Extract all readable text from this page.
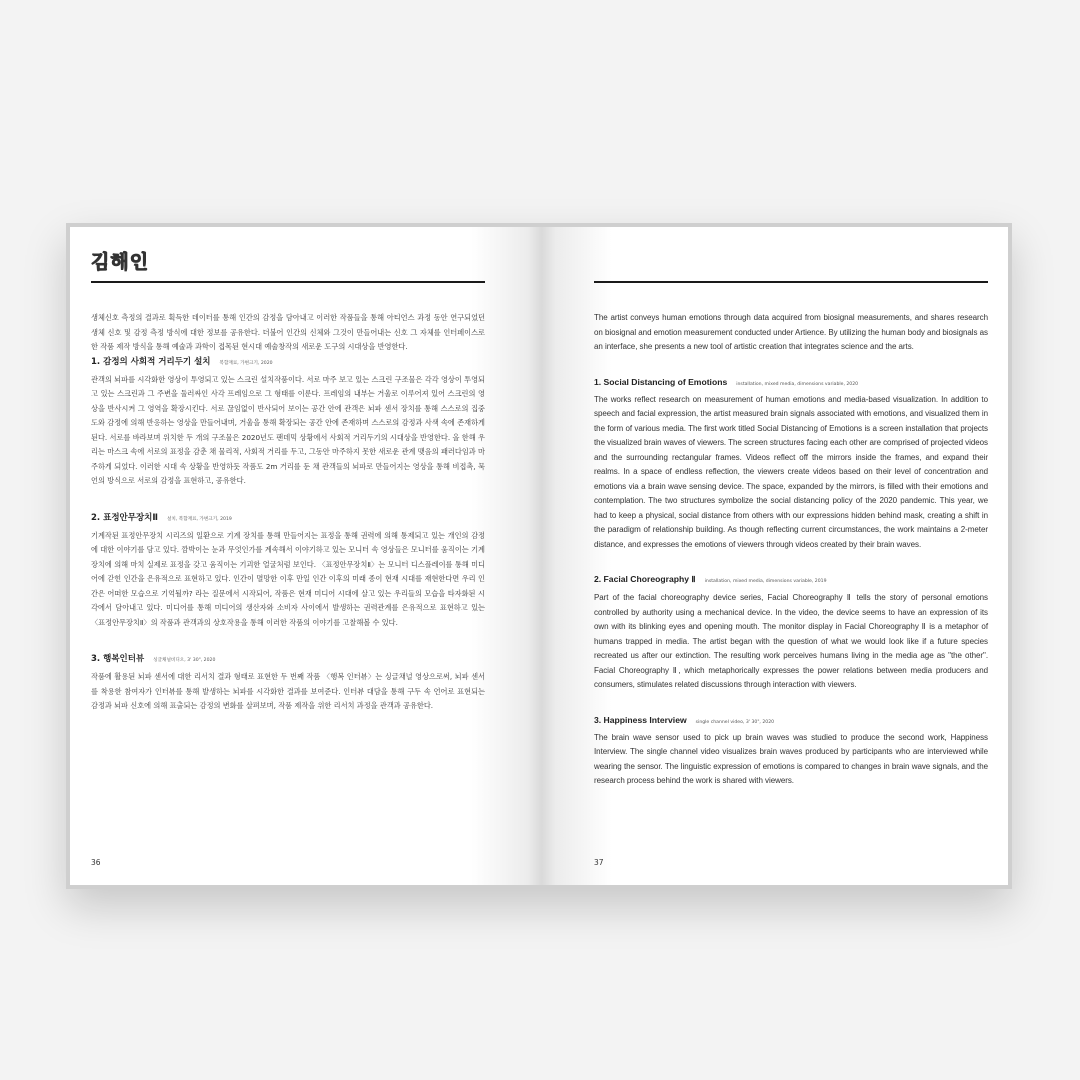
김해인

생체신호 측정의 결과로 획득한 데이터를 통해 인간의 감정을 담아내고 이러한 작품들을 통해 아티언스 과정 동안 연구되었던 생체 신호 및 감정 측정 방식에 대한 정보를 공유한다. 더불어 인간의 신체와 그것이 만들어내는 신호 그 자체를 인터페이스로 한 작품 제작 방식을 통해 예술과 과학이 접목된 현시대 예술창작의 새로운 도구의 시대상을 반영한다.

1. 감정의 사회적 거리두기 설치 복합재료, 가변크기, 2020

관객의 뇌파를 시각화한 영상이 투영되고 있는 스크린 설치작품이다. 서로 마주 보고 있는 스크린 구조물은 각각 영상이 투영되고 있는 스크린과 그 주변을 둘러싸인 사각 프레임으로 그 형태를 이룬다. 프레임의 내부는 거울로 이루어져 있어 스크린의 영상을 반사시켜 그 영역을 확장시킨다. 서로 끊임없이 반사되어 보이는 공간 안에 관객은 뇌파 센서 장치를 통해 스스로의 집중도와 감정에 의해 반응하는 영상을 만들어내며, 거울을 통해 확장되는 공간 안에 존재하며 스스로의 감정과 사색 속에 존재하게 된다. 서로를 바라보며 위치한 두 개의 구조물은 2020년도 팬데믹 상황에서 사회적 거리두기의 시대상을 반영한다. 올 한해 우리는 마스크 속에 서로의 표정을 감춘 채 물리적, 사회적 거리를 두고, 그동안 마주하지 못한 새로운 관계 맺음의 패러다임과 마주하게 되었다. 이러한 시대 속 상황을 반영하듯 작품도 2m 거리를 둔 채 관객들의 뇌파로 만들어지는 영상을 통해 비접촉, 묵언의 방식으로 서로의 감정을 표현하고, 공유한다.

2. 표정안무장치Ⅱ 설치, 복합재료, 가변크기, 2019

기계작된 표정안무장치 시리즈의 일환으로 기계 장치를 통해 만들어지는 표정을 통해 권력에 의해 통제되고 있는 개인의 감정에 대한 이야기를 담고 있다. 깜박이는 눈과 무엇인가를 계속해서 이야기하고 있는 모니터 속 영상들은 모니터를 움직이는 기계 장치에 의해 마치 실제로 표정을 갖고 움직이는 기괴한 얼굴처럼 보인다. 〈표정안무장치Ⅱ〉는 모니터 디스플레이를 통해 미디어에 갇힌 인간을 은유적으로 표현하고 있다. 인간이 멸망한 이후 만일 인간 이후의 미래 종이 현재 시대를 재현한다면 우리 인간은 어떠한 모습으로 기억될까? 라는 질문에서 시작되어, 작품은 현재 미디어 시대에 살고 있는 우리들의 모습을 타자화된 시각에서 담아내고 있다. 미디어를 통해 미디어의 생산자와 소비자 사이에서 발생하는 권력관계를 은유적으로 표현하고 있는 〈표정안무장치Ⅱ〉의 작품과 관객과의 상호작용을 통해 이러한 작품의 이야기를 고찰해볼 수 있다.

3. 행복인터뷰 싱글채널비디오, 3' 30", 2020

작품에 활용된 뇌파 센서에 대한 리서치 결과 형태로 표현한 두 번째 작품 〈행복 인터뷰〉는 싱글채널 영상으로써, 뇌파 센서를 착용한 참여자가 인터뷰를 통해 발생하는 뇌파를 시각화한 결과를 보여준다. 인터뷰 대담을 통해 구두 속 언어로 표현되는 감정과 뇌파 신호에 의해 표출되는 감정의 변화를 살펴보며, 작품 제작을 위한 리서치 과정을 관객과 공유한다.

36

The artist conveys human emotions through data acquired from biosignal measurements, and shares research on biosignal and emotion measurement conducted under Artience. By utilizing the human body and biosignals as an interface, she presents a new tool of artistic creation that integrates science and the arts.

1. Social Distancing of Emotions installation, mixed media, dimensions variable, 2020

The works reflect research on measurement of human emotions and media-based visualization. In addition to speech and facial expression, the artist measured brain signals associated with emotions, and visualized them in the form of various media. The first work titled Social Distancing of Emotions is a screen installation that projects the visualized brain waves of viewers. The screen structures facing each other are comprised of projected videos and the surrounding rectangular frames. Videos reflect off the mirrors inside the frames, and expand their realms. In a space of endless reflection, the viewers create videos based on their level of concentration and emotions via a brain wave sensing device. The space, expanded by the mirrors, is filled with their emotions and contemplation. The two structures symbolize the social distancing policy of the 2020 pandemic. This year, we had to keep a physical, social distance from others with our expressions hidden behind mask, creating a shift in the paradigm of relationship building. As though reflecting current circumstances, the work maintains a 2-meter distance, and expresses the emotions of viewers through videos created by their brain waves.

2. Facial Choreography Ⅱ installation, mixed media, dimensions variable, 2019

Part of the facial choreography device series, Facial Choreography Ⅱ tells the story of personal emotions controlled by authority using a mechanical device. In the video, the device seems to have an expression of its own with its blinking eyes and opening mouth. The monitor display in Facial Choreography Ⅱ is a metaphor of humans trapped in media. The artist began with the question of what we would look like if a future species recreated us after our extinction. The resulting work perceives humans living in the media age as "the other". Facial Choreography Ⅱ, which metaphorically expresses the power relations between media producers and consumers, stimulates related discussions through interaction with viewers.

3. Happiness Interview single channel video, 3' 30", 2020

The brain wave sensor used to pick up brain waves was studied to produce the second work, Happiness Interview. The single channel video visualizes brain waves produced by participants who are interviewed while wearing the sensor. The linguistic expression of emotions is compared to changes in brain wave signals, and the research process behind the work is shared with viewers.

37
